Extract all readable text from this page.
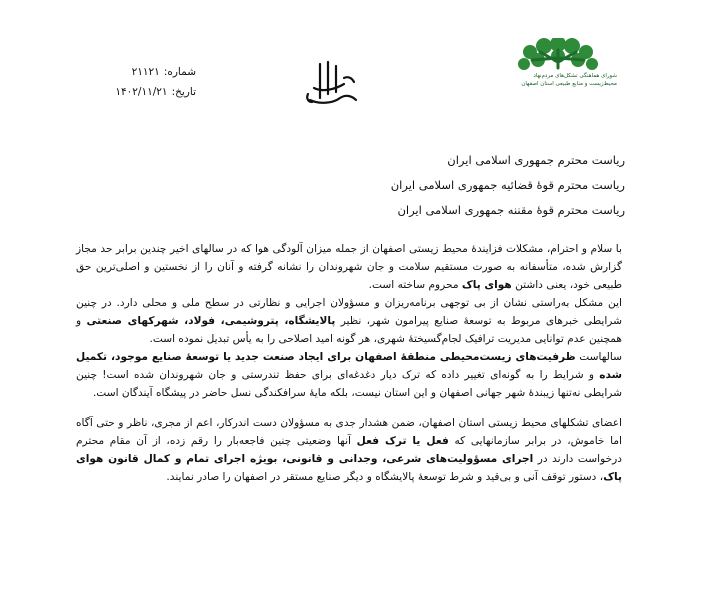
شماره:
۲۱۱۲۱
تاریخ:
۱۴۰۲/۱۱/۲۱
شورای هماهنگی تشکل‌های مردم‌نهاد
محیط‌زیست و منابع طبیعی استان اصفهان
ریاست محترم جمهوری اسلامی ایران
ریاست محترم قوهٔ قضائیه جمهوری اسلامی ایران
ریاست محترم قوهٔ مقننه جمهوری اسلامی ایران

با سلام و احترام، مشکلات فزایندهٔ محیط زیستی اصفهان از جمله میزان آلودگی هوا که در سالهای اخیر چندین برابر حد مجاز گزارش شده، متأسفانه به صورت مستقیم سلامت و جان شهروندان را نشانه گرفته و آنان را از نخستین و اصلی‌ترین حق طبیعی خود، یعنی داشتن هوای پاک محروم ساخته است.

این مشکل به‌راستی نشان از بی توجهی برنامه‌ریزان و مسؤولان اجرایی و نظارتی در سطح ملی و محلی دارد. در چنین شرایطی خبرهای مربوط به توسعهٔ صنایع پیرامون شهر، نظیر پالایشگاه، پتروشیمی، فولاد، شهرکهای صنعتی و همچنین عدم توانایی مدیریت ترافیک لجام‌گسیختهٔ شهری، هر گونه امید اصلاحی را به یأس تبدیل نموده است.

سالهاست ظرفیت‌های زیست‌محیطی منطقهٔ اصفهان برای ایجاد صنعت جدید یا توسعهٔ صنایع موجود، تکمیل شده و شرایط را به گونه‌ای تغییر داده که ترک دیار دغدغه‌ای برای حفظ تندرستی و جان شهروندان شده است! چنین شرایطی نه‌تنها زیبندهٔ شهر جهانی اصفهان و این استان نیست، بلکه مایهٔ سرافکندگی نسل حاضر در پیشگاه آیندگان است.

اعضای تشکلهای محیط زیستی استان اصفهان، ضمن هشدار جدی به مسؤولان دست اندرکار، اعم از مجری، ناظر و حتی آگاه اما خاموش، در برابر سازمانهایی که فعل یا ترک فعل آنها وضعیتی چنین فاجعه‌بار را رقم زده، از آن مقام محترم درخواست دارند در اجرای مسؤولیت‌های شرعی، وجدانی و قانونی، بویژه اجرای تمام و کمال قانون هوای پاک، دستور توقف آنی و بی‌قید و شرط توسعهٔ پالایشگاه و دیگر صنایع مستقر در اصفهان را صادر نمایند.
